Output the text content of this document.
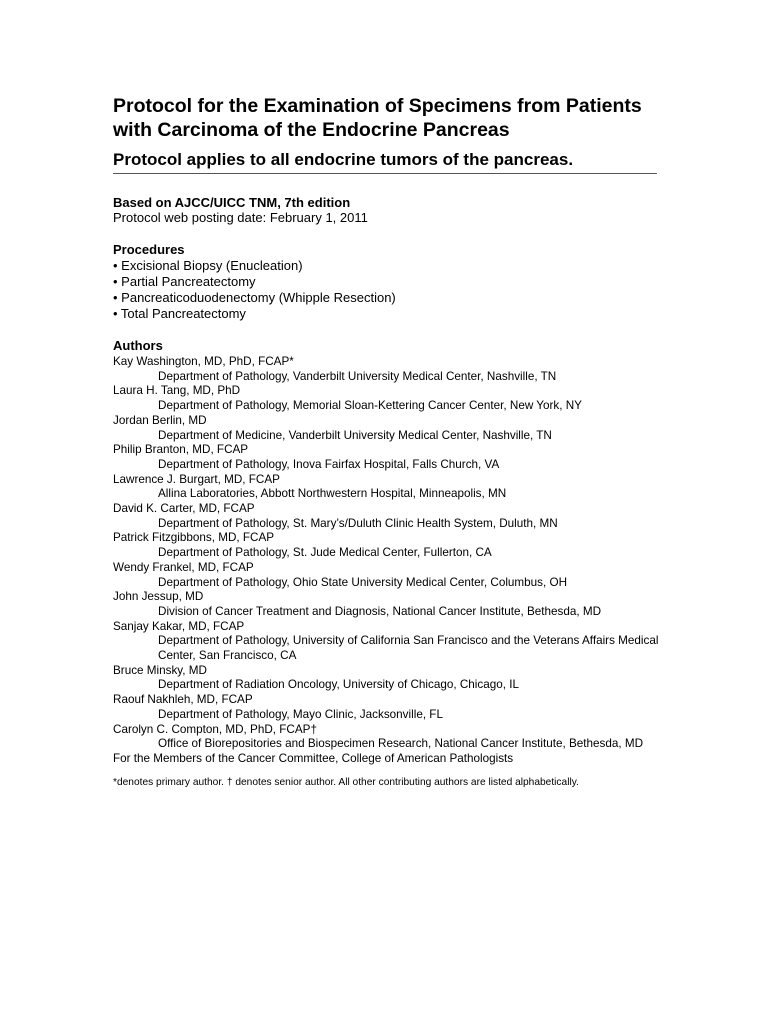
Protocol for the Examination of Specimens from Patients with Carcinoma of the Endocrine Pancreas
Protocol applies to all endocrine tumors of the pancreas.
Based on AJCC/UICC TNM, 7th edition
Protocol web posting date: February 1, 2011
Procedures
• Excisional Biopsy (Enucleation)
• Partial Pancreatectomy
• Pancreaticoduodenectomy (Whipple Resection)
• Total Pancreatectomy
Authors
Kay Washington, MD, PhD, FCAP*
Department of Pathology, Vanderbilt University Medical Center, Nashville, TN
Laura H. Tang, MD, PhD
Department of Pathology, Memorial Sloan-Kettering Cancer Center, New York, NY
Jordan Berlin, MD
Department of Medicine, Vanderbilt University Medical Center, Nashville, TN
Philip Branton, MD, FCAP
Department of Pathology, Inova Fairfax Hospital, Falls Church, VA
Lawrence J. Burgart, MD, FCAP
Allina Laboratories, Abbott Northwestern Hospital, Minneapolis, MN
David K. Carter, MD, FCAP
Department of Pathology, St. Mary’s/Duluth Clinic Health System, Duluth, MN
Patrick Fitzgibbons, MD, FCAP
Department of Pathology, St. Jude Medical Center, Fullerton, CA
Wendy Frankel, MD, FCAP
Department of Pathology, Ohio State University Medical Center, Columbus, OH
John Jessup, MD
Division of Cancer Treatment and Diagnosis, National Cancer Institute, Bethesda, MD
Sanjay Kakar, MD, FCAP
Department of Pathology, University of California San Francisco and the Veterans Affairs Medical Center, San Francisco, CA
Bruce Minsky, MD
Department of Radiation Oncology, University of Chicago, Chicago, IL
Raouf Nakhleh, MD, FCAP
Department of Pathology, Mayo Clinic, Jacksonville, FL
Carolyn C. Compton, MD, PhD, FCAP†
Office of Biorepositories and Biospecimen Research, National Cancer Institute, Bethesda, MD
For the Members of the Cancer Committee, College of American Pathologists
*denotes primary author. † denotes senior author. All other contributing authors are listed alphabetically.
